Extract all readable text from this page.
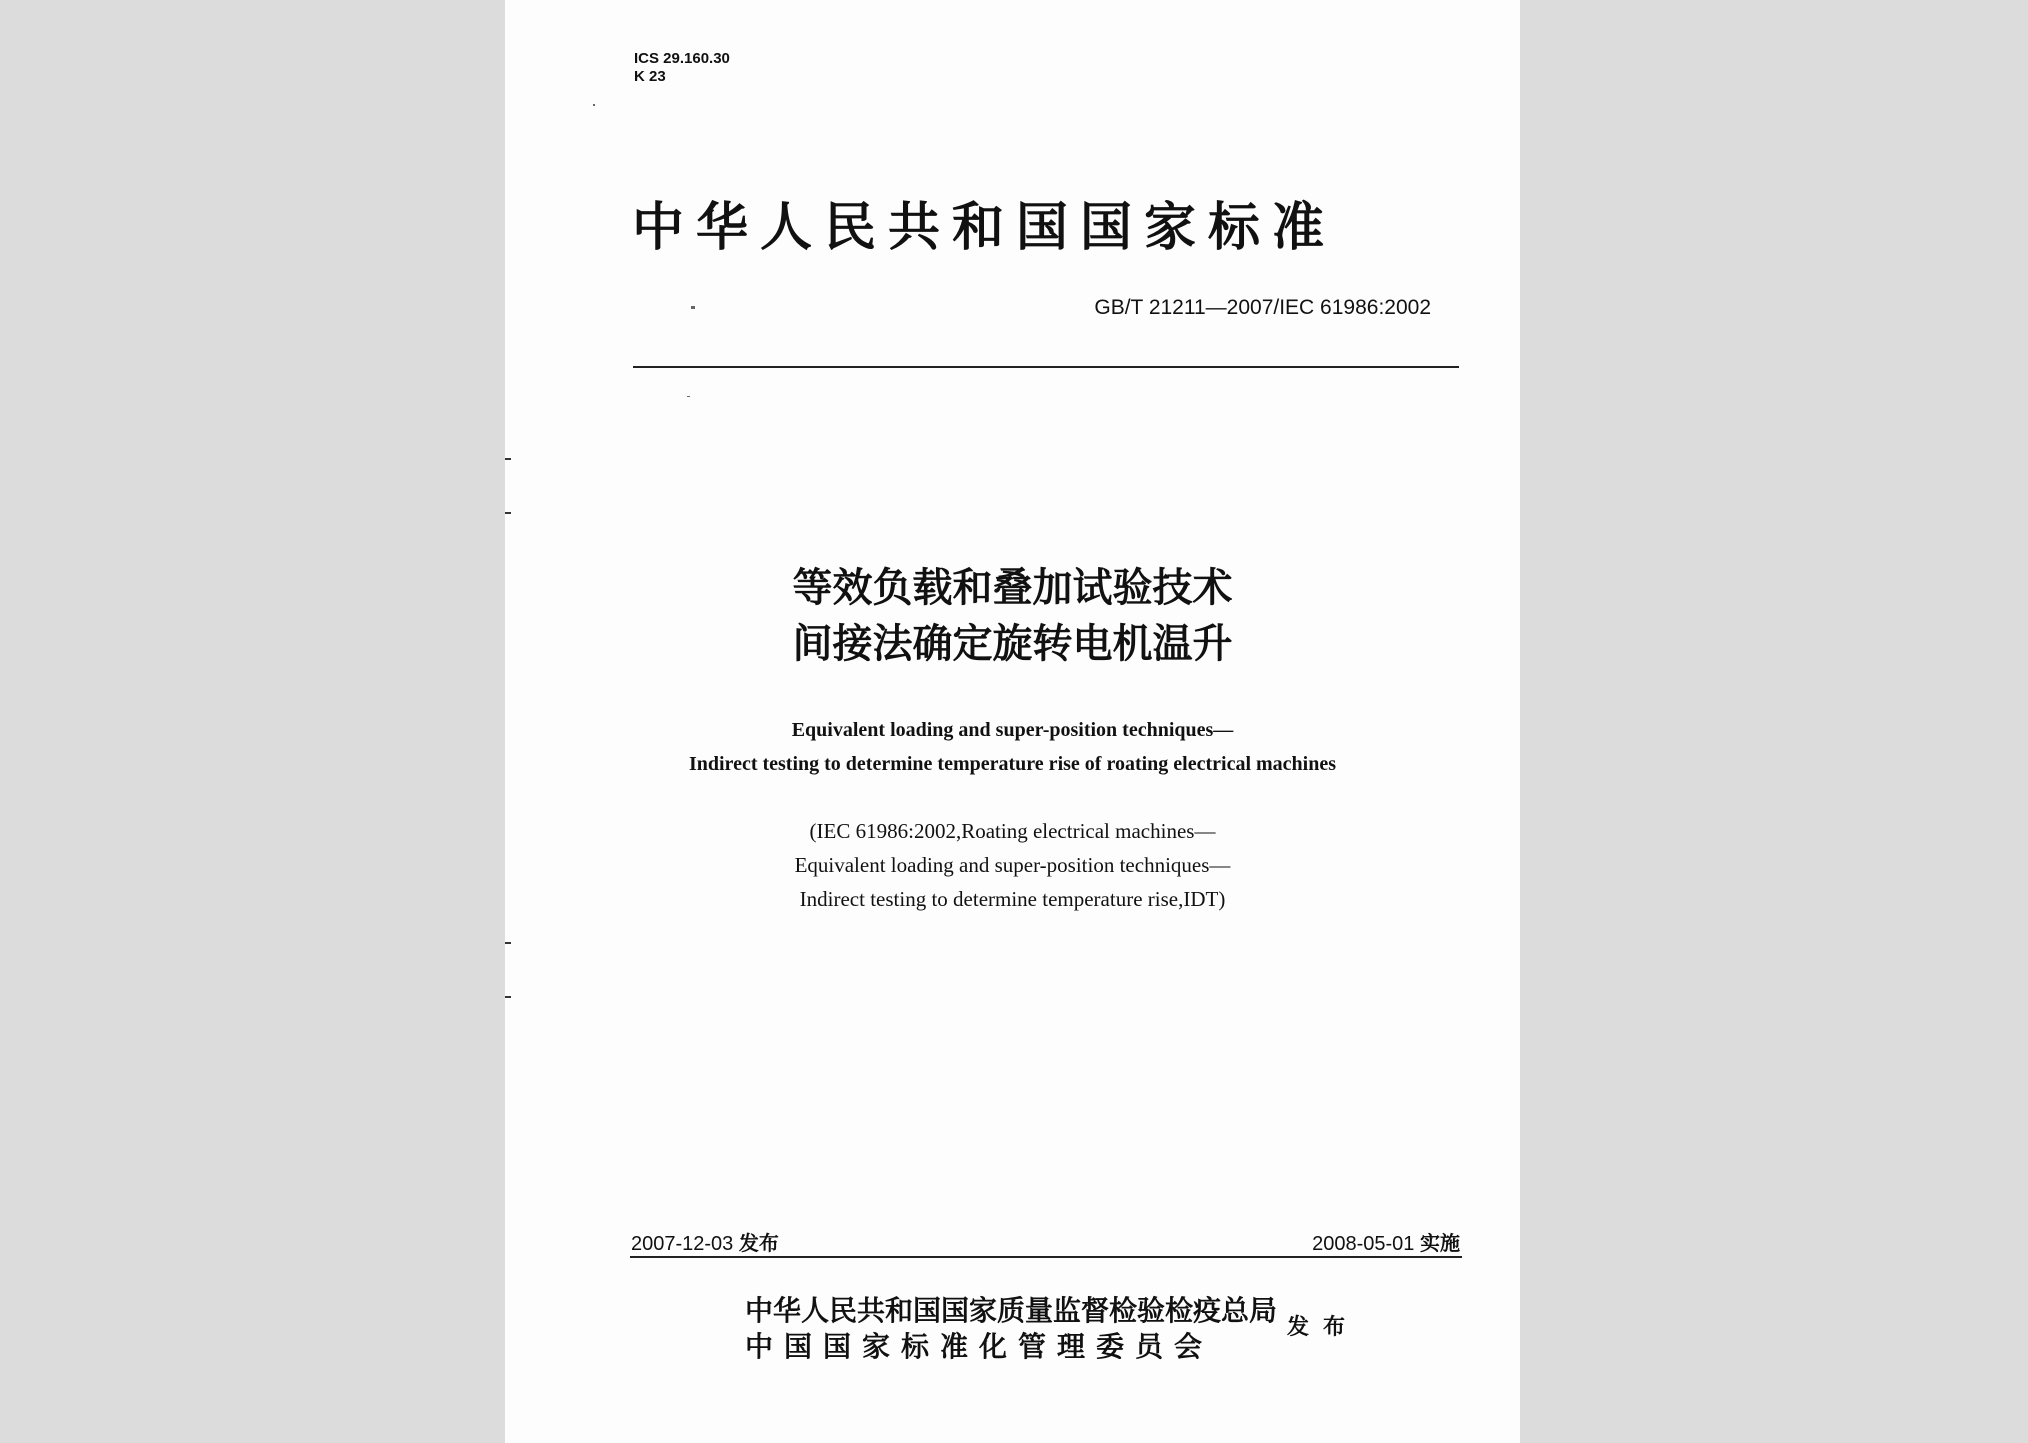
ICS 29.160.30
K 23
中华人民共和国国家标准
GB/T 21211—2007/IEC 61986:2002
等效负载和叠加试验技术
间接法确定旋转电机温升
Equivalent loading and super-position techniques—
Indirect testing to determine temperature rise of roating electrical machines
(IEC 61986:2002,Roating electrical machines—
Equivalent loading and super-position techniques—
Indirect testing to determine temperature rise,IDT)
2007-12-03 发布	2008-05-01 实施
中华人民共和国国家质量监督检验检疫总局
中国国家标准化管理委员会
发布
